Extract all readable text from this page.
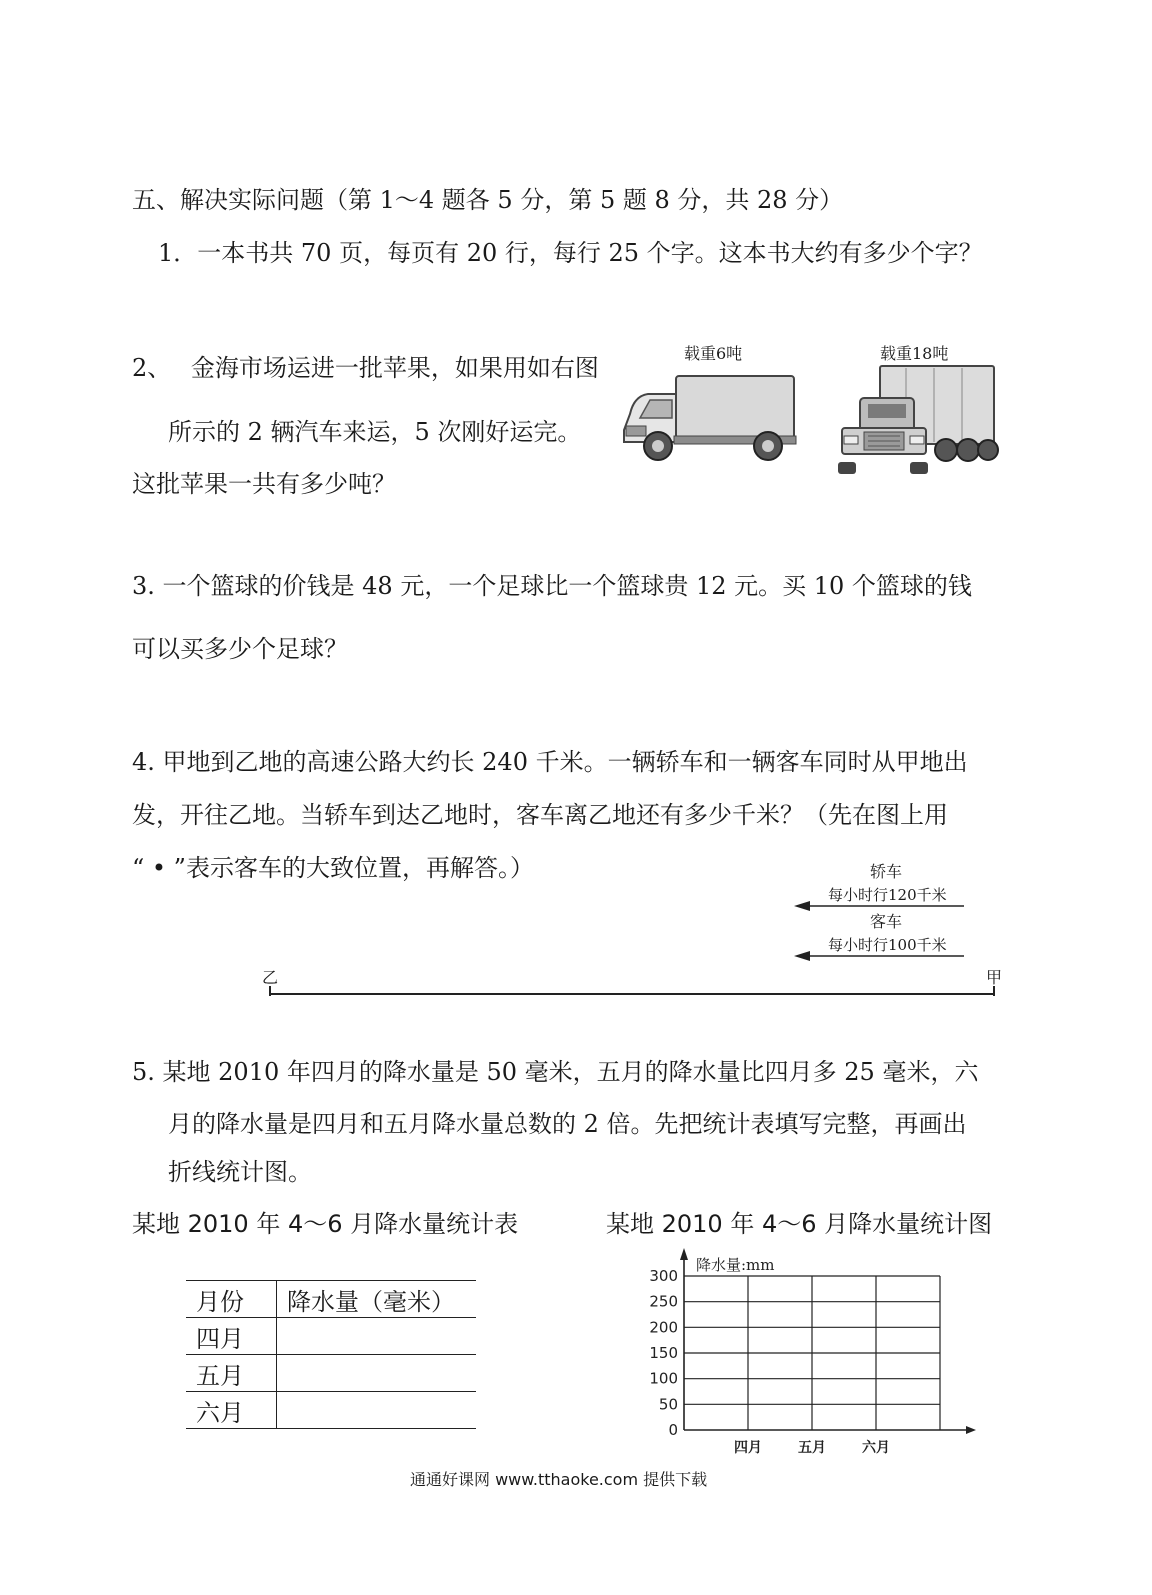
五、解决实际问题（第 1～4 题各 5 分，第 5 题 8 分，共 28 分）
1．一本书共 70 页，每页有 20 行，每行 25 个字。这本书大约有多少个字？
2、　 金海市场运进一批苹果，如果用如右图
所示的 2 辆汽车来运，5 次刚好运完。
这批苹果一共有多少吨？
载重6吨	载重18吨
3. 一个篮球的价钱是 48 元，一个足球比一个篮球贵 12 元。买 10 个篮球的钱
可以买多少个足球？
4. 甲地到乙地的高速公路大约长 240 千米。一辆轿车和一辆客车同时从甲地出
发，开往乙地。当轿车到达乙地时，客车离乙地还有多少千米？（先在图上用
“ • ”表示客车的大致位置，再解答。）	轿车
每小时行120千米
客车
每小时行100千米
乙	甲
5. 某地 2010 年四月的降水量是 50 毫米，五月的降水量比四月多 25 毫米，六
月的降水量是四月和五月降水量总数的 2 倍。先把统计表填写完整，再画出
折线统计图。
某地 2010 年 4～6 月降水量统计表	某地 2010 年 4～6 月降水量统计图
月份	降水量（毫米）
四月	
五月	
六月	
0
50
100
150
200
250
300
降水量:mm
四月	五月	六月
通通好课网 www.tthaoke.com 提供下载
